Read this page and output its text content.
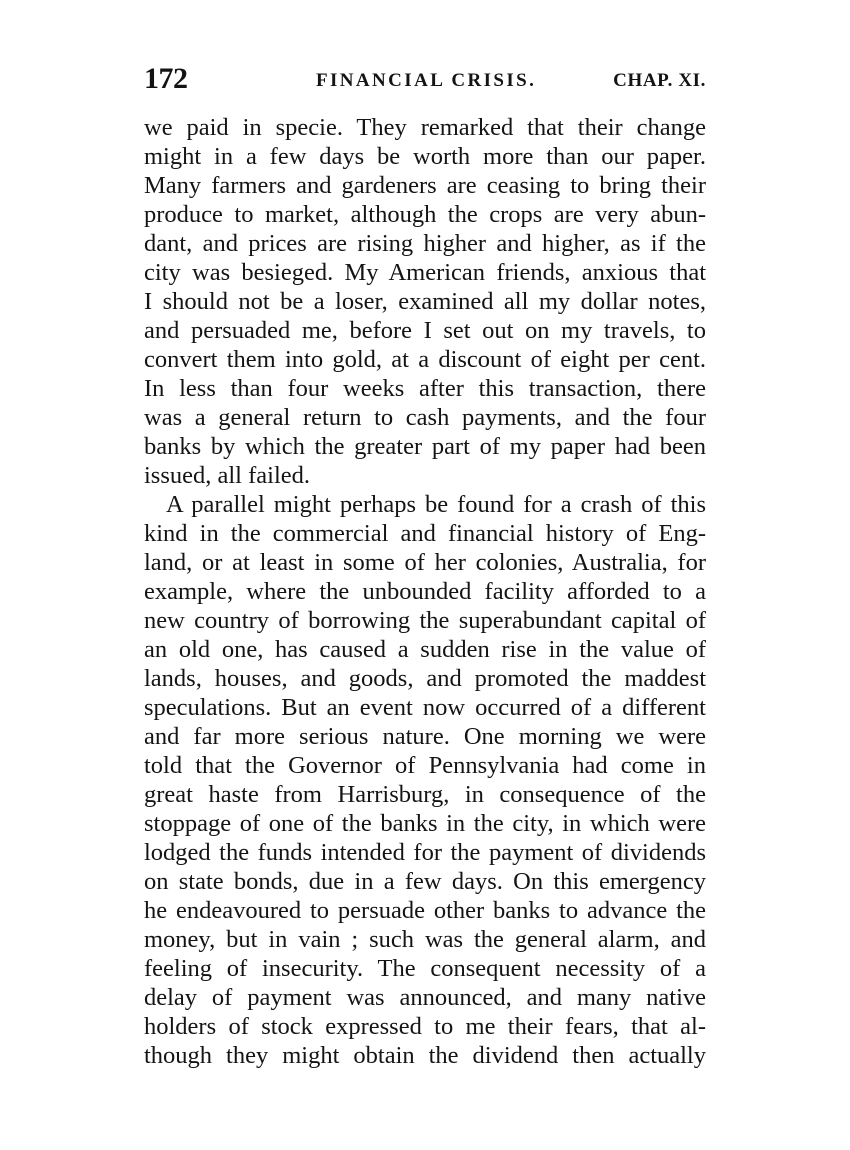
172	FINANCIAL CRISIS.	CHAP. XI.
we paid in specie. They remarked that their change
might in a few days be worth more than our paper.
Many farmers and gardeners are ceasing to bring their
produce to market, although the crops are very abun-
dant, and prices are rising higher and higher, as if the
city was besieged. My American friends, anxious that
I should not be a loser, examined all my dollar notes,
and persuaded me, before I set out on my travels, to
convert them into gold, at a discount of eight per cent.
In less than four weeks after this transaction, there
was a general return to cash payments, and the four
banks by which the greater part of my paper had been
issued, all failed.
A parallel might perhaps be found for a crash of this
kind in the commercial and financial history of Eng-
land, or at least in some of her colonies, Australia, for
example, where the unbounded facility afforded to a
new country of borrowing the superabundant capital of
an old one, has caused a sudden rise in the value of
lands, houses, and goods, and promoted the maddest
speculations. But an event now occurred of a different
and far more serious nature. One morning we were
told that the Governor of Pennsylvania had come in
great haste from Harrisburg, in consequence of the
stoppage of one of the banks in the city, in which were
lodged the funds intended for the payment of dividends
on state bonds, due in a few days. On this emergency
he endeavoured to persuade other banks to advance the
money, but in vain ; such was the general alarm, and
feeling of insecurity. The consequent necessity of a
delay of payment was announced, and many native
holders of stock expressed to me their fears, that al-
though they might obtain the dividend then actually
